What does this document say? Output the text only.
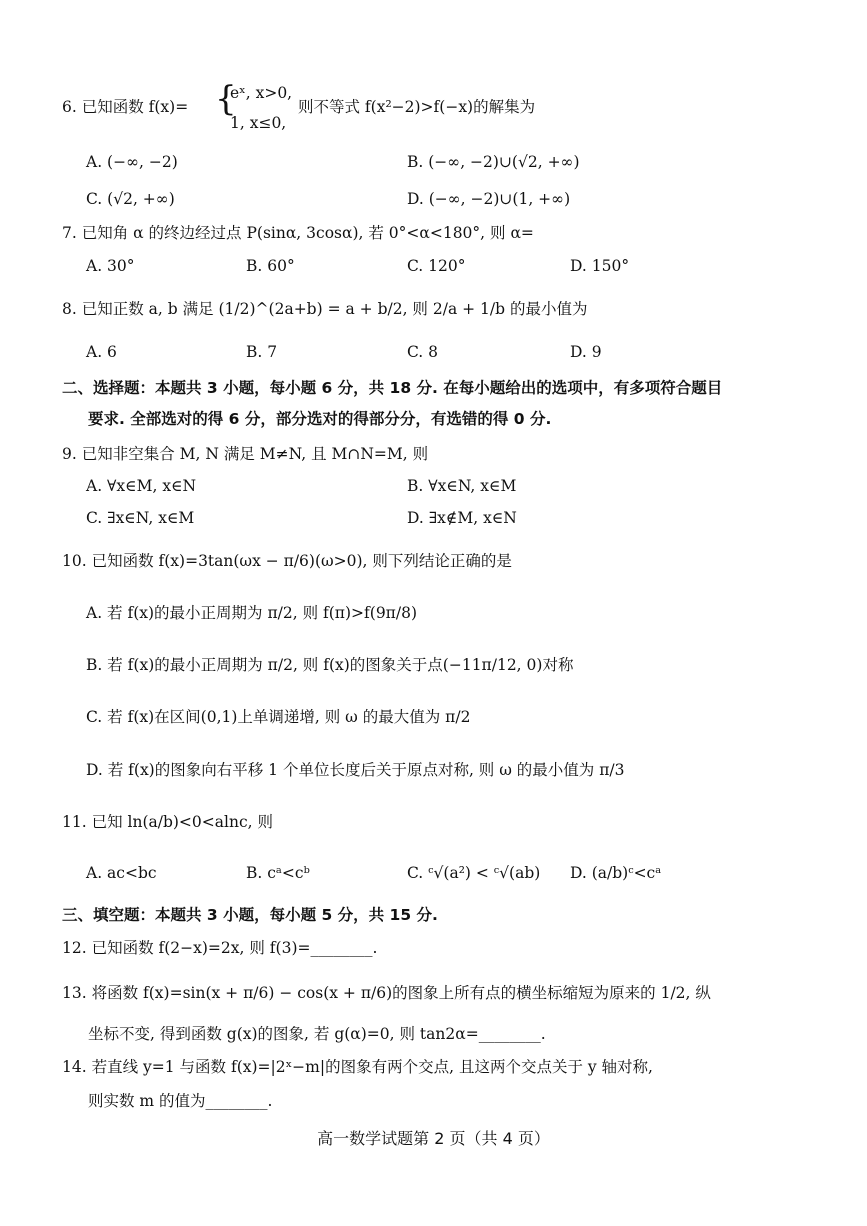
6. 已知函数 f(x)= {
eˣ, x>0,
1, x≤0,
则不等式 f(x²−2)>f(−x)的解集为
A. (−∞, −2)	B. (−∞, −2)∪(√2, +∞)
C. (√2, +∞)	D. (−∞, −2)∪(1, +∞)
7. 已知角 α 的终边经过点 P(sinα, 3cosα), 若 0°<α<180°, 则 α=
A. 30°	B. 60°	C. 120°	D. 150°
8. 已知正数 a, b 满足 (1/2)^(2a+b) = a + b/2, 则 2/a + 1/b 的最小值为
A. 6	B. 7	C. 8	D. 9
二、选择题：本题共 3 小题，每小题 6 分，共 18 分. 在每小题给出的选项中，有多项符合题目
要求. 全部选对的得 6 分，部分选对的得部分分，有选错的得 0 分.
9. 已知非空集合 M, N 满足 M≠N, 且 M∩N=M, 则
A. ∀x∈M, x∈N	B. ∀x∈N, x∈M
C. ∃x∈N, x∈M	D. ∃x∉M, x∈N
10. 已知函数 f(x)=3tan(ωx − π/6)(ω>0), 则下列结论正确的是
A. 若 f(x)的最小正周期为 π/2, 则 f(π)>f(9π/8)
B. 若 f(x)的最小正周期为 π/2, 则 f(x)的图象关于点(−11π/12, 0)对称
C. 若 f(x)在区间(0,1)上单调递增, 则 ω 的最大值为 π/2
D. 若 f(x)的图象向右平移 1 个单位长度后关于原点对称, 则 ω 的最小值为 π/3
11. 已知 ln(a/b)<0<alnc, 则
A. ac<bc	B. cᵃ<cᵇ	C. ᶜ√(a²) < ᶜ√(ab) D. (a/b)ᶜ<cᵃ
三、填空题：本题共 3 小题，每小题 5 分，共 15 分.
12. 已知函数 f(2−x)=2x, 则 f(3)=________.
13. 将函数 f(x)=sin(x + π/6) − cos(x + π/6)的图象上所有点的横坐标缩短为原来的 1/2, 纵
坐标不变, 得到函数 g(x)的图象, 若 g(α)=0, 则 tan2α=________.
14. 若直线 y=1 与函数 f(x)=|2ˣ−m|的图象有两个交点, 且这两个交点关于 y 轴对称,
则实数 m 的值为________.
高一数学试题第 2 页（共 4 页）
